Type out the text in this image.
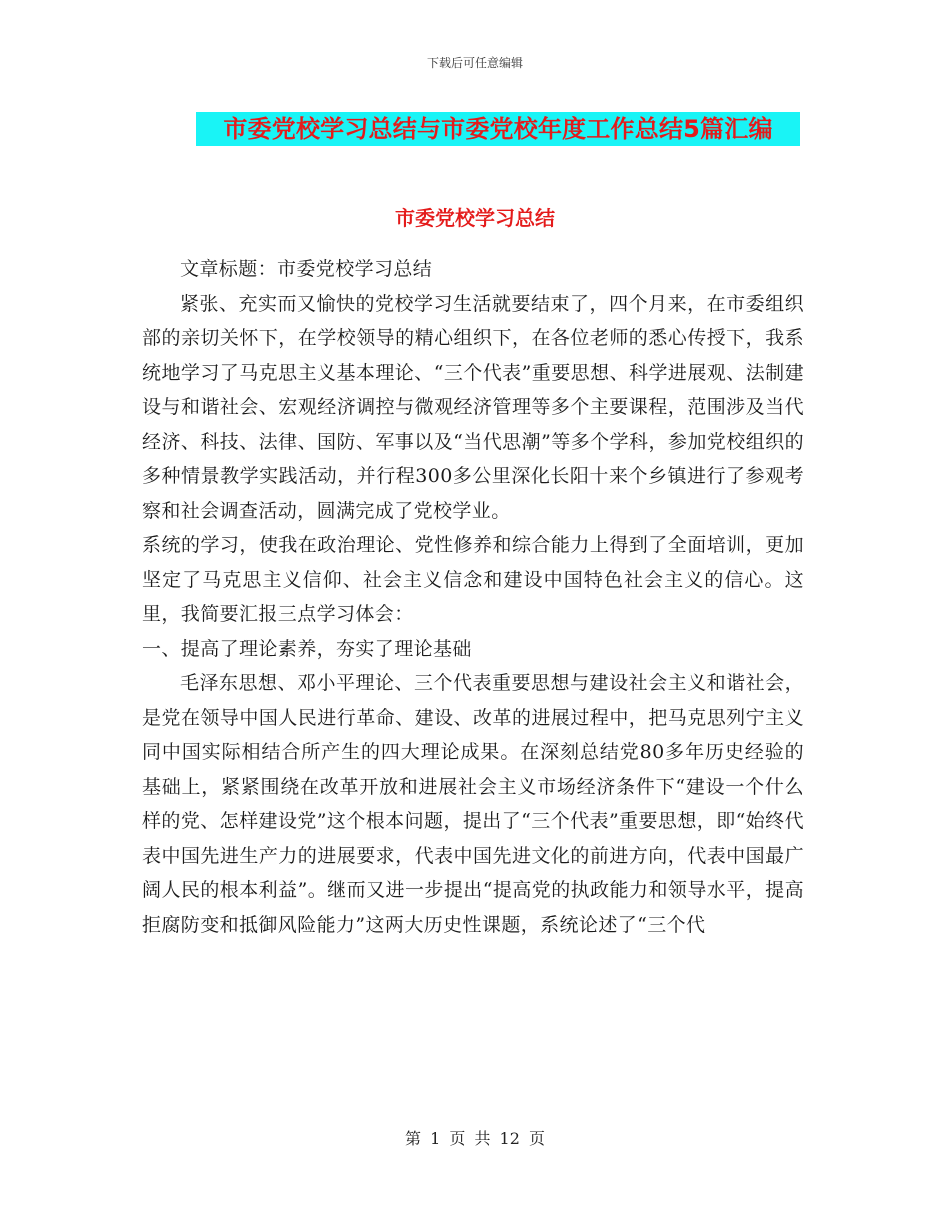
下载后可任意编辑
市委党校学习总结与市委党校年度工作总结5篇汇编
市委党校学习总结

文章标题：市委党校学习总结

紧张、充实而又愉快的党校学习生活就要结束了，四个月来，在市委组织部的亲切关怀下，在学校领导的精心组织下，在各位老师的悉心传授下，我系统地学习了马克思主义基本理论、“三个代表”重要思想、科学进展观、法制建设与和谐社会、宏观经济调控与微观经济管理等多个主要课程，范围涉及当代经济、科技、法律、国防、军事以及“当代思潮”等多个学科，参加党校组织的多种情景教学实践活动，并行程300多公里深化长阳十来个乡镇进行了参观考察和社会调查活动，圆满完成了党校学业。

系统的学习，使我在政治理论、党性修养和综合能力上得到了全面培训，更加坚定了马克思主义信仰、社会主义信念和建设中国特色社会主义的信心。这里，我简要汇报三点学习体会：

一、提高了理论素养，夯实了理论基础

毛泽东思想、邓小平理论、三个代表重要思想与建设社会主义和谐社会，是党在领导中国人民进行革命、建设、改革的进展过程中，把马克思列宁主义同中国实际相结合所产生的四大理论成果。在深刻总结党80多年历史经验的基础上，紧紧围绕在改革开放和进展社会主义市场经济条件下“建设一个什么样的党、怎样建设党”这个根本问题，提出了“三个代表”重要思想，即“始终代表中国先进生产力的进展要求，代表中国先进文化的前进方向，代表中国最广阔人民的根本利益”。继而又进一步提出“提高党的执政能力和领导水平，提高拒腐防变和抵御风险能力”这两大历史性课题，系统论述了“三个代

第 1 页 共 12 页
